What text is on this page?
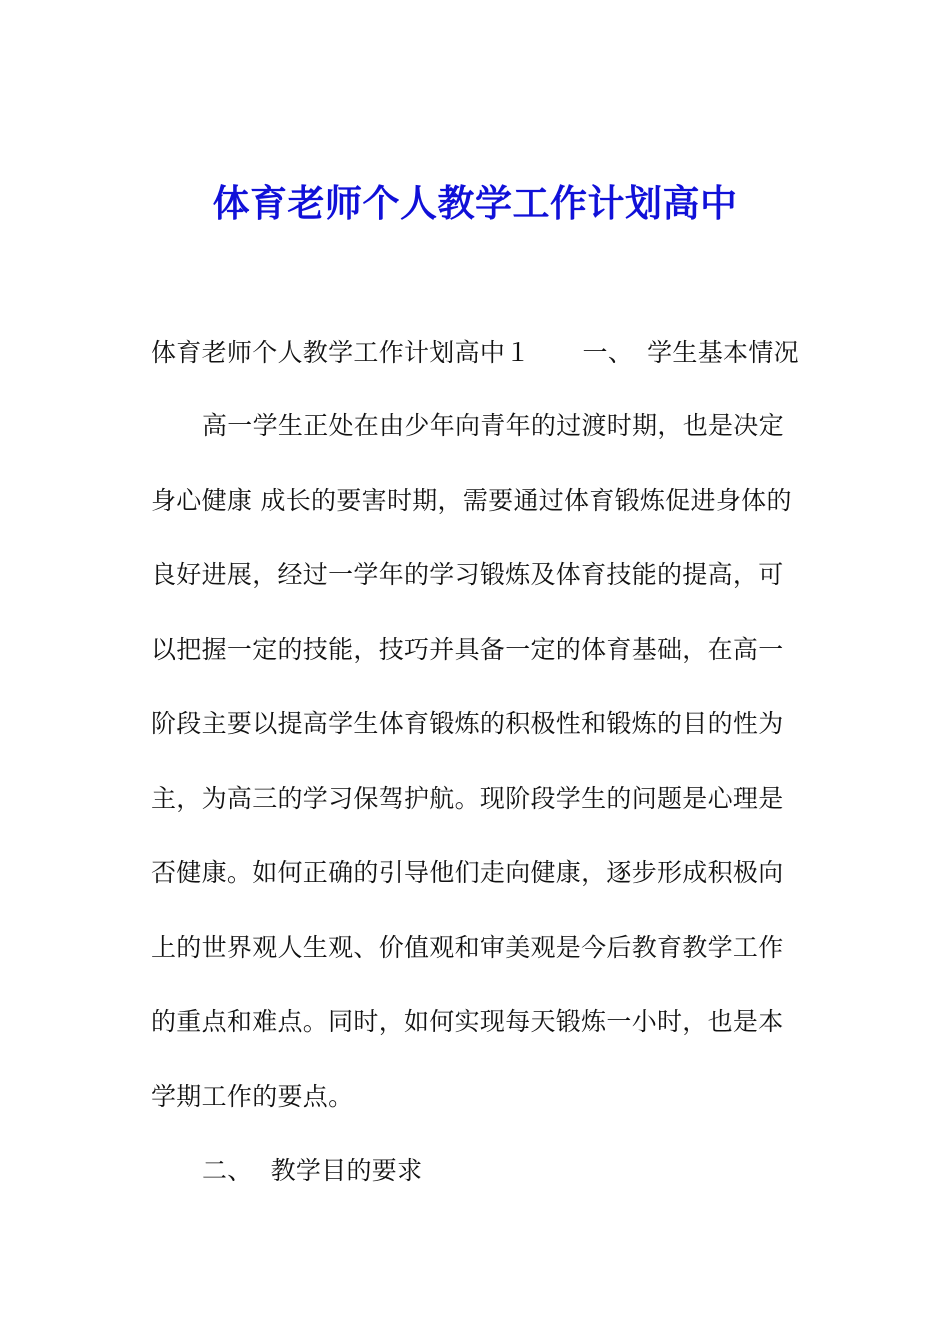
体育老师个人教学工作计划高中
体育老师个人教学工作计划高中１ 一、 学生基本情况
高一学生正处在由少年向青年的过渡时期，也是决定
身心健康 成长的要害时期，需要通过体育锻炼促进身体的
良好进展，经过一学年的学习锻炼及体育技能的提高，可
以把握一定的技能，技巧并具备一定的体育基础，在高一
阶段主要以提高学生体育锻炼的积极性和锻炼的目的性为
主，为高三的学习保驾护航。现阶段学生的问题是心理是
否健康。如何正确的引导他们走向健康，逐步形成积极向
上的世界观人生观、价值观和审美观是今后教育教学工作
的重点和难点。同时，如何实现每天锻炼一小时，也是本
学期工作的要点。
二、 教学目的要求
